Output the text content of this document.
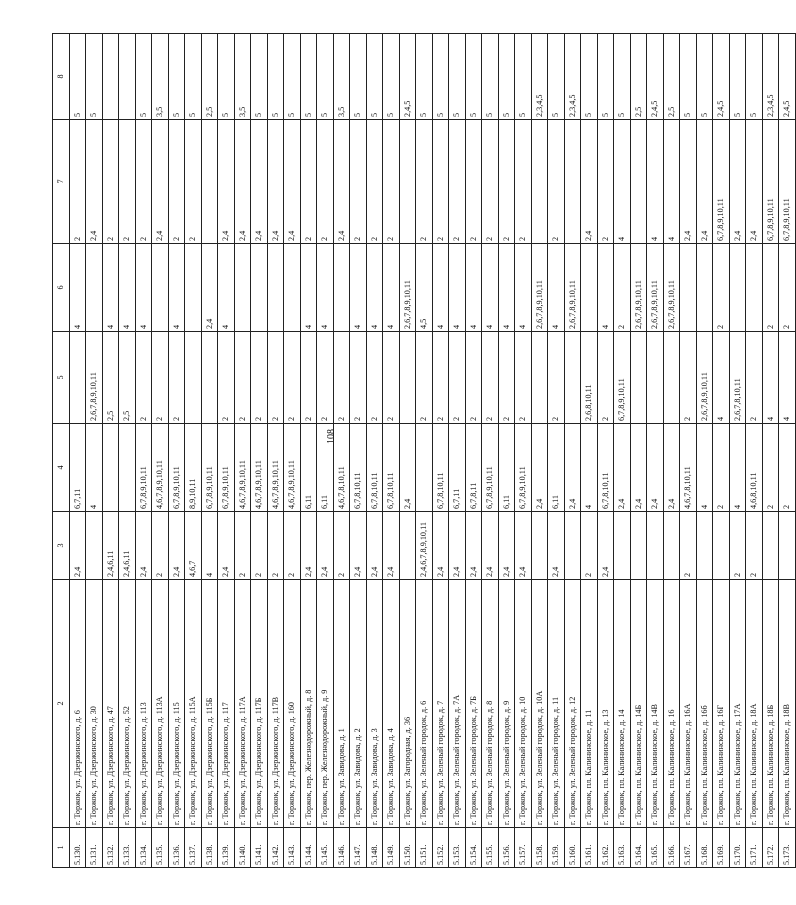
108
1	2	3	4	5	6	7	8
5.130.	г. Торжок, ул. Дзержинского, д. 6	2,4	6,7,11		4	2	5
5.131.	г. Торжок, ул. Дзержинского, д. 30		4	2,6,7,8,9,10,11		2,4	5
5.132.	г. Торжок, ул. Дзержинского, д. 47	2,4,6,11		2,5	4	2	
5.133.	г. Торжок, ул. Дзержинского, д. 52	2,4,6,11		2,5	4	2	
5.134.	г. Торжок, ул. Дзержинского, д. 113	2,4	6,7,8,9,10,11	2	4	2	5
5.135.	г. Торжок, ул. Дзержинского, д. 113А	2	4,6,7,8,9,10,11	2		2,4	3,5
5.136.	г. Торжок, ул. Дзержинского, д. 115	2,4	6,7,8,9,10,11	2	4	2	5
5.137.	г. Торжок, ул. Дзержинского, д. 115А	4,6,7	8,9,10,11			2	5
5.138.	г. Торжок, ул. Дзержинского, д. 115Б	4	6,7,8,9,10,11		2,4		2,5
5.139.	г. Торжок, ул. Дзержинского, д. 117	2,4	6,7,8,9,10,11	2	4	2,4	5
5.140.	г. Торжок, ул. Дзержинского, д. 117А	2	4,6,7,8,9,10,11	2		2,4	3,5
5.141.	г. Торжок, ул. Дзержинского, д. 117Б	2	4,6,7,8,9,10,11	2		2,4	5
5.142.	г. Торжок, ул. Дзержинского, д. 117В	2	4,6,7,8,9,10,11	2		2,4	5
5.143.	г. Торжок, ул. Дзержинского, д. 160	2	4,6,7,8,9,10,11	2		2,4	5
5.144.	г. Торжок, пер. Железнодорожный, д. 8	2,4	6,11	2	4	2	5
5.145.	г. Торжок, пер. Железнодорожный, д. 9	2,4	6,11	2	4	2	5
5.146.	г. Торжок, ул. Завидова, д. 1	2	4,6,7,8,10,11	2		2,4	3,5
5.147.	г. Торжок, ул. Завидова, д. 2	2,4	6,7,8,10,11	2	4	2	5
5.148.	г. Торжок, ул. Завидова, д. 3	2,4	6,7,8,10,11	2	4	2	5
5.149.	г. Торжок, ул. Завидова, д. 4	2,4	6,7,8,10,11	2	4	2	5
5.150.	г. Торжок, ул. Загородная, д. 36		2,4		2,6,7,8,9,10,11		2,4,5
5.151.	г. Торжок, ул. Зеленый городок, д. 6	2,4,6,7,8,9,10,11		2	4,5	2	5
5.152.	г. Торжок, ул. Зеленый городок, д. 7	2,4	6,7,8,10,11	2	4	2	5
5.153.	г. Торжок, ул. Зеленый городок, д. 7А	2,4	6,7,11	2	4	2	5
5.154.	г. Торжок, ул. Зеленый городок, д. 7Б	2,4	6,7,8,11	2	4	2	5
5.155.	г. Торжок, ул. Зеленый городок, д. 8	2,4	6,7,8,9,10,11	2	4	2	5
5.156.	г. Торжок, ул. Зеленый городок, д. 9	2,4	6,11	2	4	2	5
5.157.	г. Торжок, ул. Зеленый городок, д. 10	2,4	6,7,8,9,10,11	2	4	2	5
5.158.	г. Торжок, ул. Зеленый городок, д. 10А		2,4		2,6,7,8,9,10,11		2,3,4,5
5.159.	г. Торжок, ул. Зеленый городок, д. 11	2,4	6,11	2	4	2	5
5.160.	г. Торжок, ул. Зеленый городок, д. 12		2,4		2,6,7,8,9,10,11		2,3,4,5
5.161.	г. Торжок, пл. Калининское, д. 11	2	4	2,6,8,10,11		2,4	5
5.162.	г. Торжок, пл. Калининское, д. 13	2,4	6,7,8,10,11	2	4	2	5
5.163.	г. Торжок, пл. Калининское, д. 14		2,4	6,7,8,9,10,11	2	4	5
5.164.	г. Торжок, пл. Калининское, д. 14Б		2,4		2,6,7,8,9,10,11		2,5
5.165.	г. Торжок, пл. Калининское, д. 14В		2,4		2,6,7,8,9,10,11	4	2,4,5
5.166.	г. Торжок, пл. Калининское, д. 16		2,4		2,6,7,8,9,10,11	4	2,5
5.167.	г. Торжок, пл. Калининское, д. 16А	2	4,6,7,8,10,11	2		2,4	5
5.168.	г. Торжок, пл. Калининское, д. 16б		4	2,6,7,8,9,10,11		2,4	5
5.169.	г. Торжок, пл. Калининское, д. 16Г		2	4	2	6,7,8,9,10,11	2,4,5
5.170.	г. Торжок, пл. Калининское, д. 17А	2	4	2,6,7,8,10,11		2,4	5
5.171.	г. Торжок, пл. Калининское, д. 18А	2	4,6,8,10,11	2		2,4	5
5.172.	г. Торжок, пл. Калининское, д. 18Б		2	4	2	6,7,8,9,10,11	2,3,4,5
5.173.	г. Торжок, пл. Калининское, д. 18В		2	4	2	6,7,8,9,10,11	2,4,5
